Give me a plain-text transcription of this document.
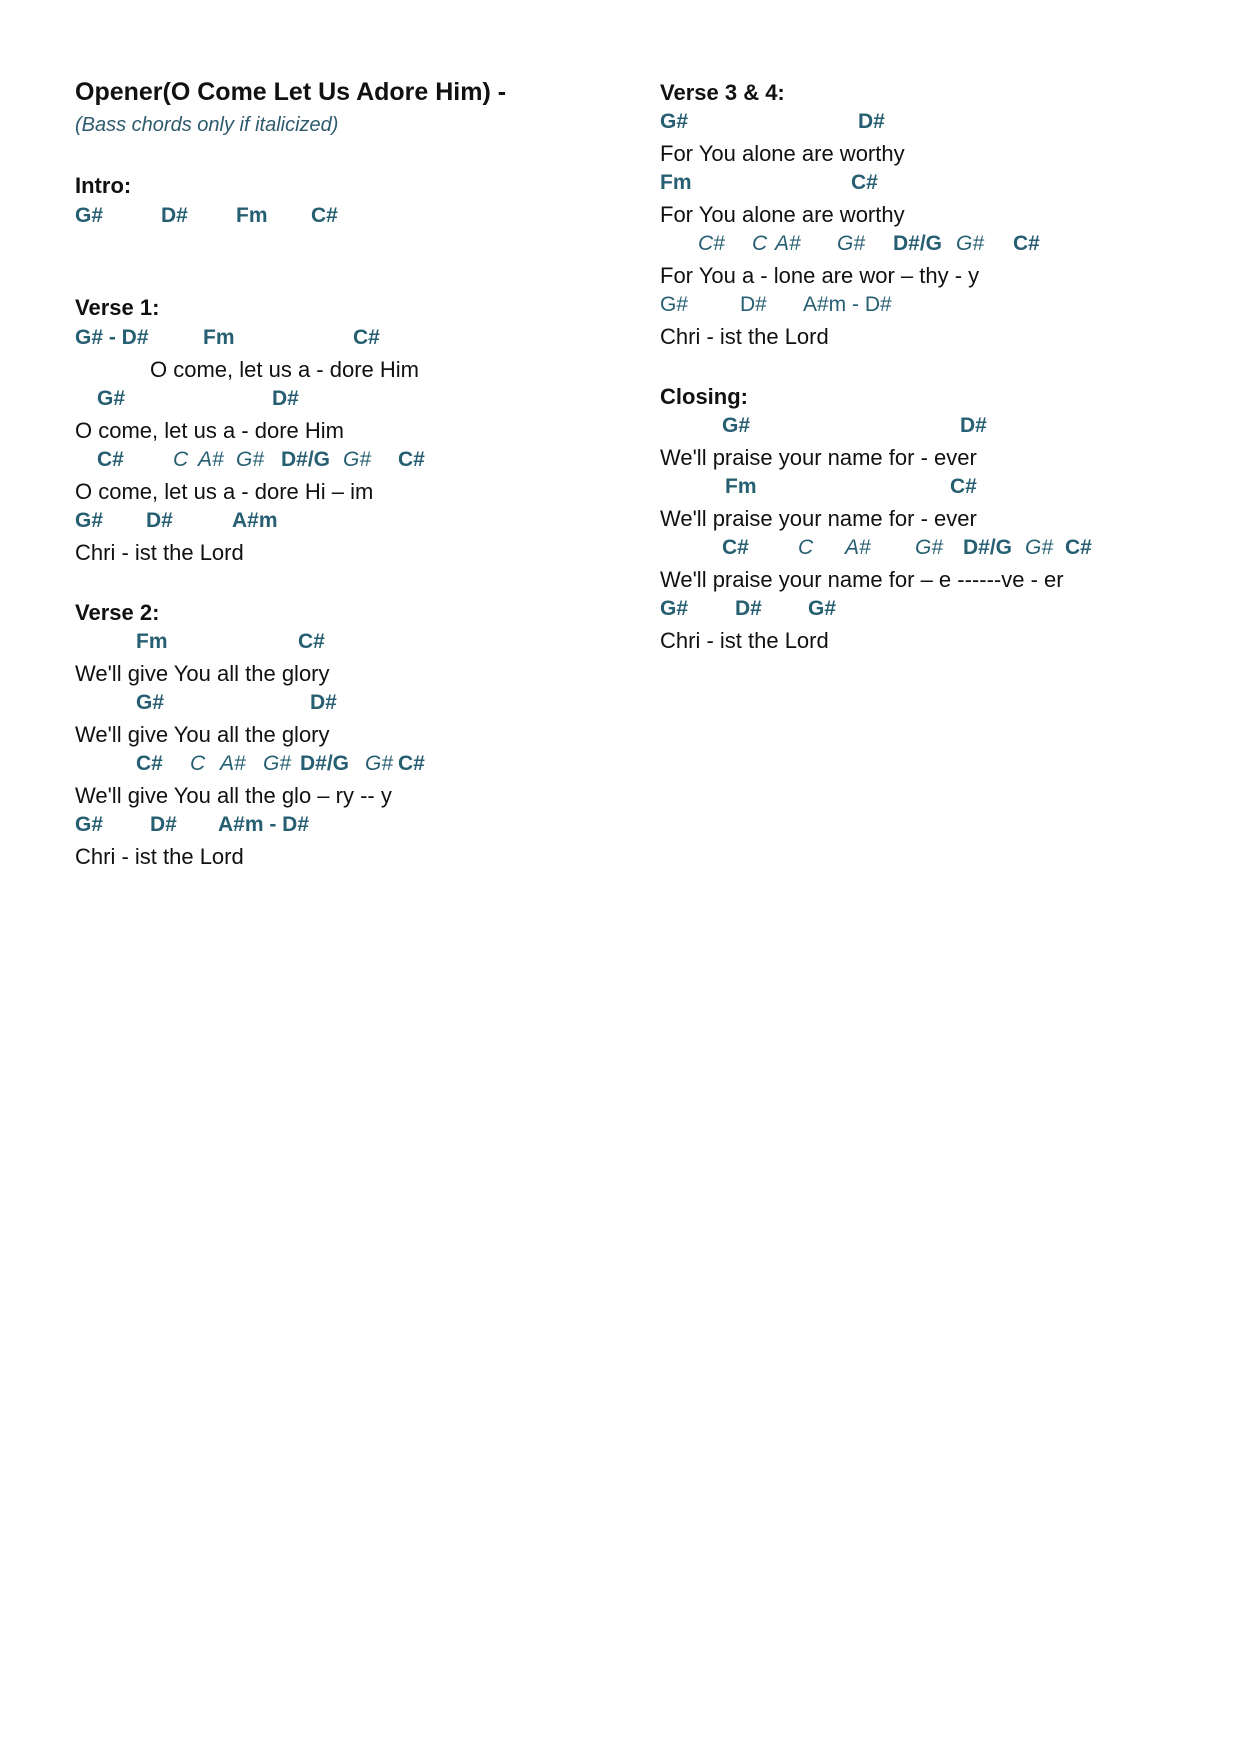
Opener(O Come Let Us Adore Him) -
(Bass chords only if italicized)
Intro:
G#	D# Fm C#
Verse 1:
G# - D#	Fm	C#
O come, let us a - dore Him
G#	D#
O come, let us a - dore Him
C# C A# G# D#/G G# C#
O come, let us a - dore Hi – im
G# D#	A#m
Chri - ist the Lord
Verse 2:
Fm	C#
We'll give You all the glory
G#	D#
We'll give You all the glory
C# C A# G# D#/G G# C#
We'll give You all the glo – ry -- y
G# D# A#m - D#
Chri - ist the Lord
Verse 3 & 4:
G#	D#
For You alone are worthy
Fm	C#
For You alone are worthy
C# C A# G# D#/G G# C#
For You a - lone are wor – thy - y
G# D# A#m - D#
Chri - ist the Lord
Closing:
G#	D#
We'll praise your name for - ever
Fm	C#
We'll praise your name for - ever
C# C A# G# D#/G G# C#
We'll praise your name for – e ------ve - er
G# D# G#
Chri - ist the Lord
